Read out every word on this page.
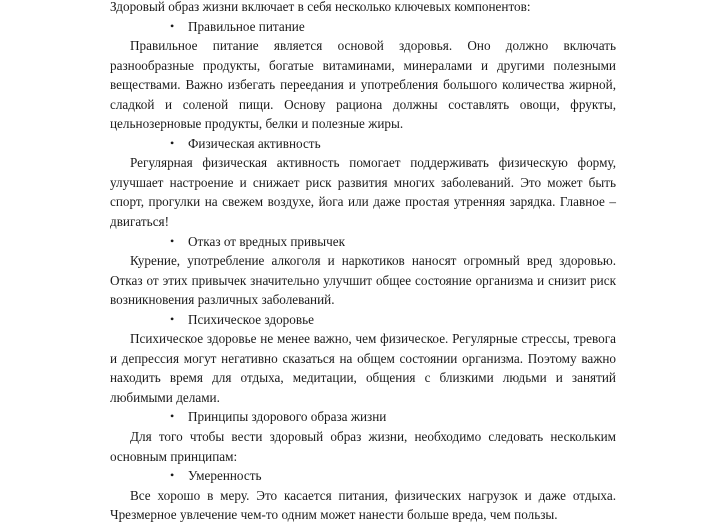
Здоровый образ жизни включает в себя несколько ключевых компонентов:

• Правильное питание

Правильное питание является основой здоровья. Оно должно включать разнообразные продукты, богатые витаминами, минералами и другими полезными веществами. Важно избегать переедания и употребления большого количества жирной, сладкой и соленой пищи. Основу рациона должны составлять овощи, фрукты, цельнозерновые продукты, белки и полезные жиры.

• Физическая активность

Регулярная физическая активность помогает поддерживать физическую форму, улучшает настроение и снижает риск развития многих заболеваний. Это может быть спорт, прогулки на свежем воздухе, йога или даже простая утренняя зарядка. Главное – двигаться!

• Отказ от вредных привычек

Курение, употребление алкоголя и наркотиков наносят огромный вред здоровью. Отказ от этих привычек значительно улучшит общее состояние организма и снизит риск возникновения различных заболеваний.

• Психическое здоровье

Психическое здоровье не менее важно, чем физическое. Регулярные стрессы, тревога и депрессия могут негативно сказаться на общем состоянии организма. Поэтому важно находить время для отдыха, медитации, общения с близкими людьми и занятий любимыми делами.

• Принципы здорового образа жизни

Для того чтобы вести здоровый образ жизни, необходимо следовать нескольким основным принципам:

• Умеренность

Все хорошо в меру. Это касается питания, физических нагрузок и даже отдыха. Чрезмерное увлечение чем-то одним может нанести больше вреда, чем пользы.
